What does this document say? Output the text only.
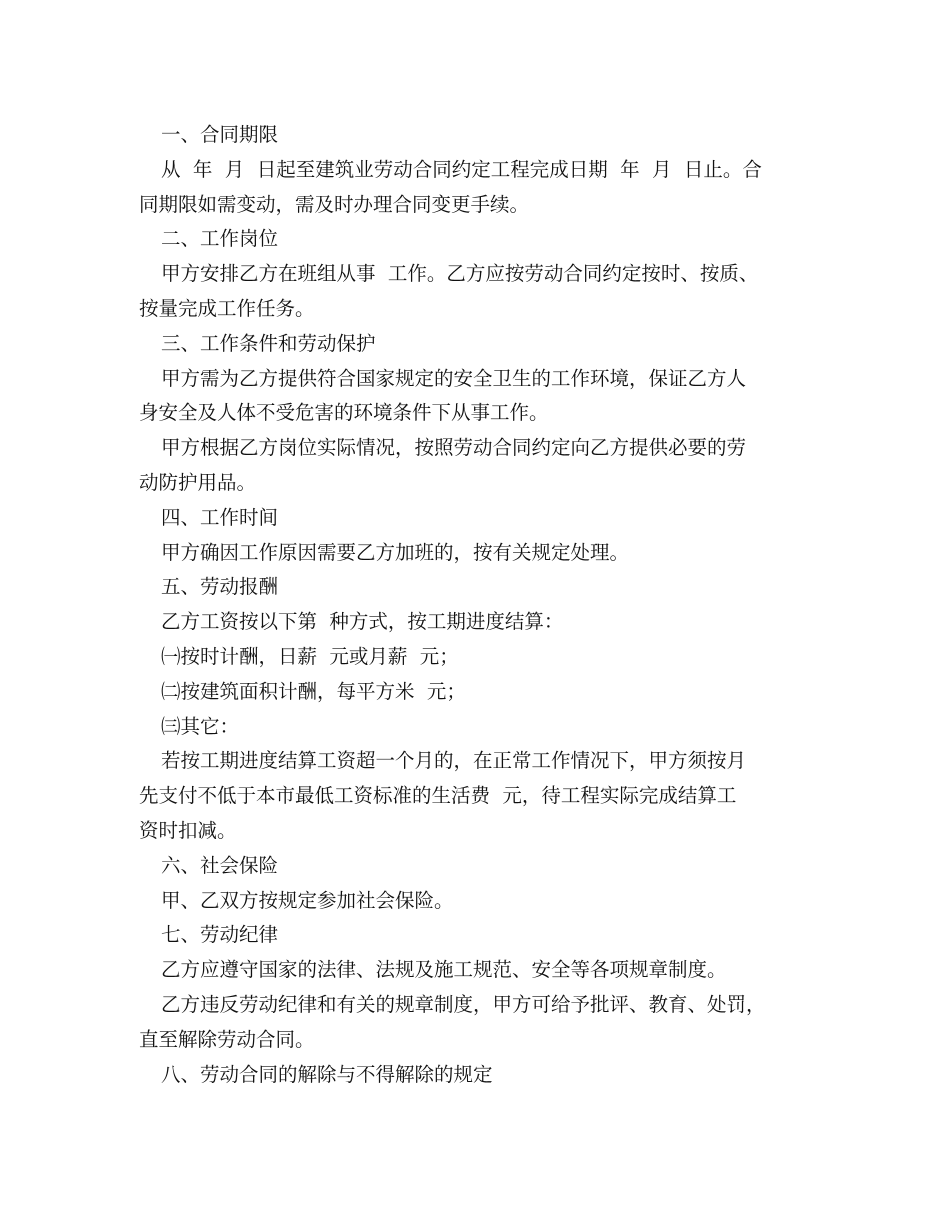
一、合同期限

从  年  月  日起至建筑业劳动合同约定工程完成日期  年  月  日止。合

同期限如需变动，需及时办理合同变更手续。

二、工作岗位

甲方安排乙方在班组从事  工作。乙方应按劳动合同约定按时、按质、

按量完成工作任务。

三、工作条件和劳动保护

甲方需为乙方提供符合国家规定的安全卫生的工作环境，保证乙方人

身安全及人体不受危害的环境条件下从事工作。

甲方根据乙方岗位实际情况，按照劳动合同约定向乙方提供必要的劳

动防护用品。

四、工作时间

甲方确因工作原因需要乙方加班的，按有关规定处理。

五、劳动报酬

乙方工资按以下第  种方式，按工期进度结算：

㈠按时计酬，日薪  元或月薪  元；

㈡按建筑面积计酬，每平方米  元；

㈢其它：

若按工期进度结算工资超一个月的，在正常工作情况下，甲方须按月

先支付不低于本市最低工资标准的生活费  元，待工程实际完成结算工

资时扣减。

六、社会保险

甲、乙双方按规定参加社会保险。

七、劳动纪律

乙方应遵守国家的法律、法规及施工规范、安全等各项规章制度。

乙方违反劳动纪律和有关的规章制度，甲方可给予批评、教育、处罚，

直至解除劳动合同。

八、劳动合同的解除与不得解除的规定
